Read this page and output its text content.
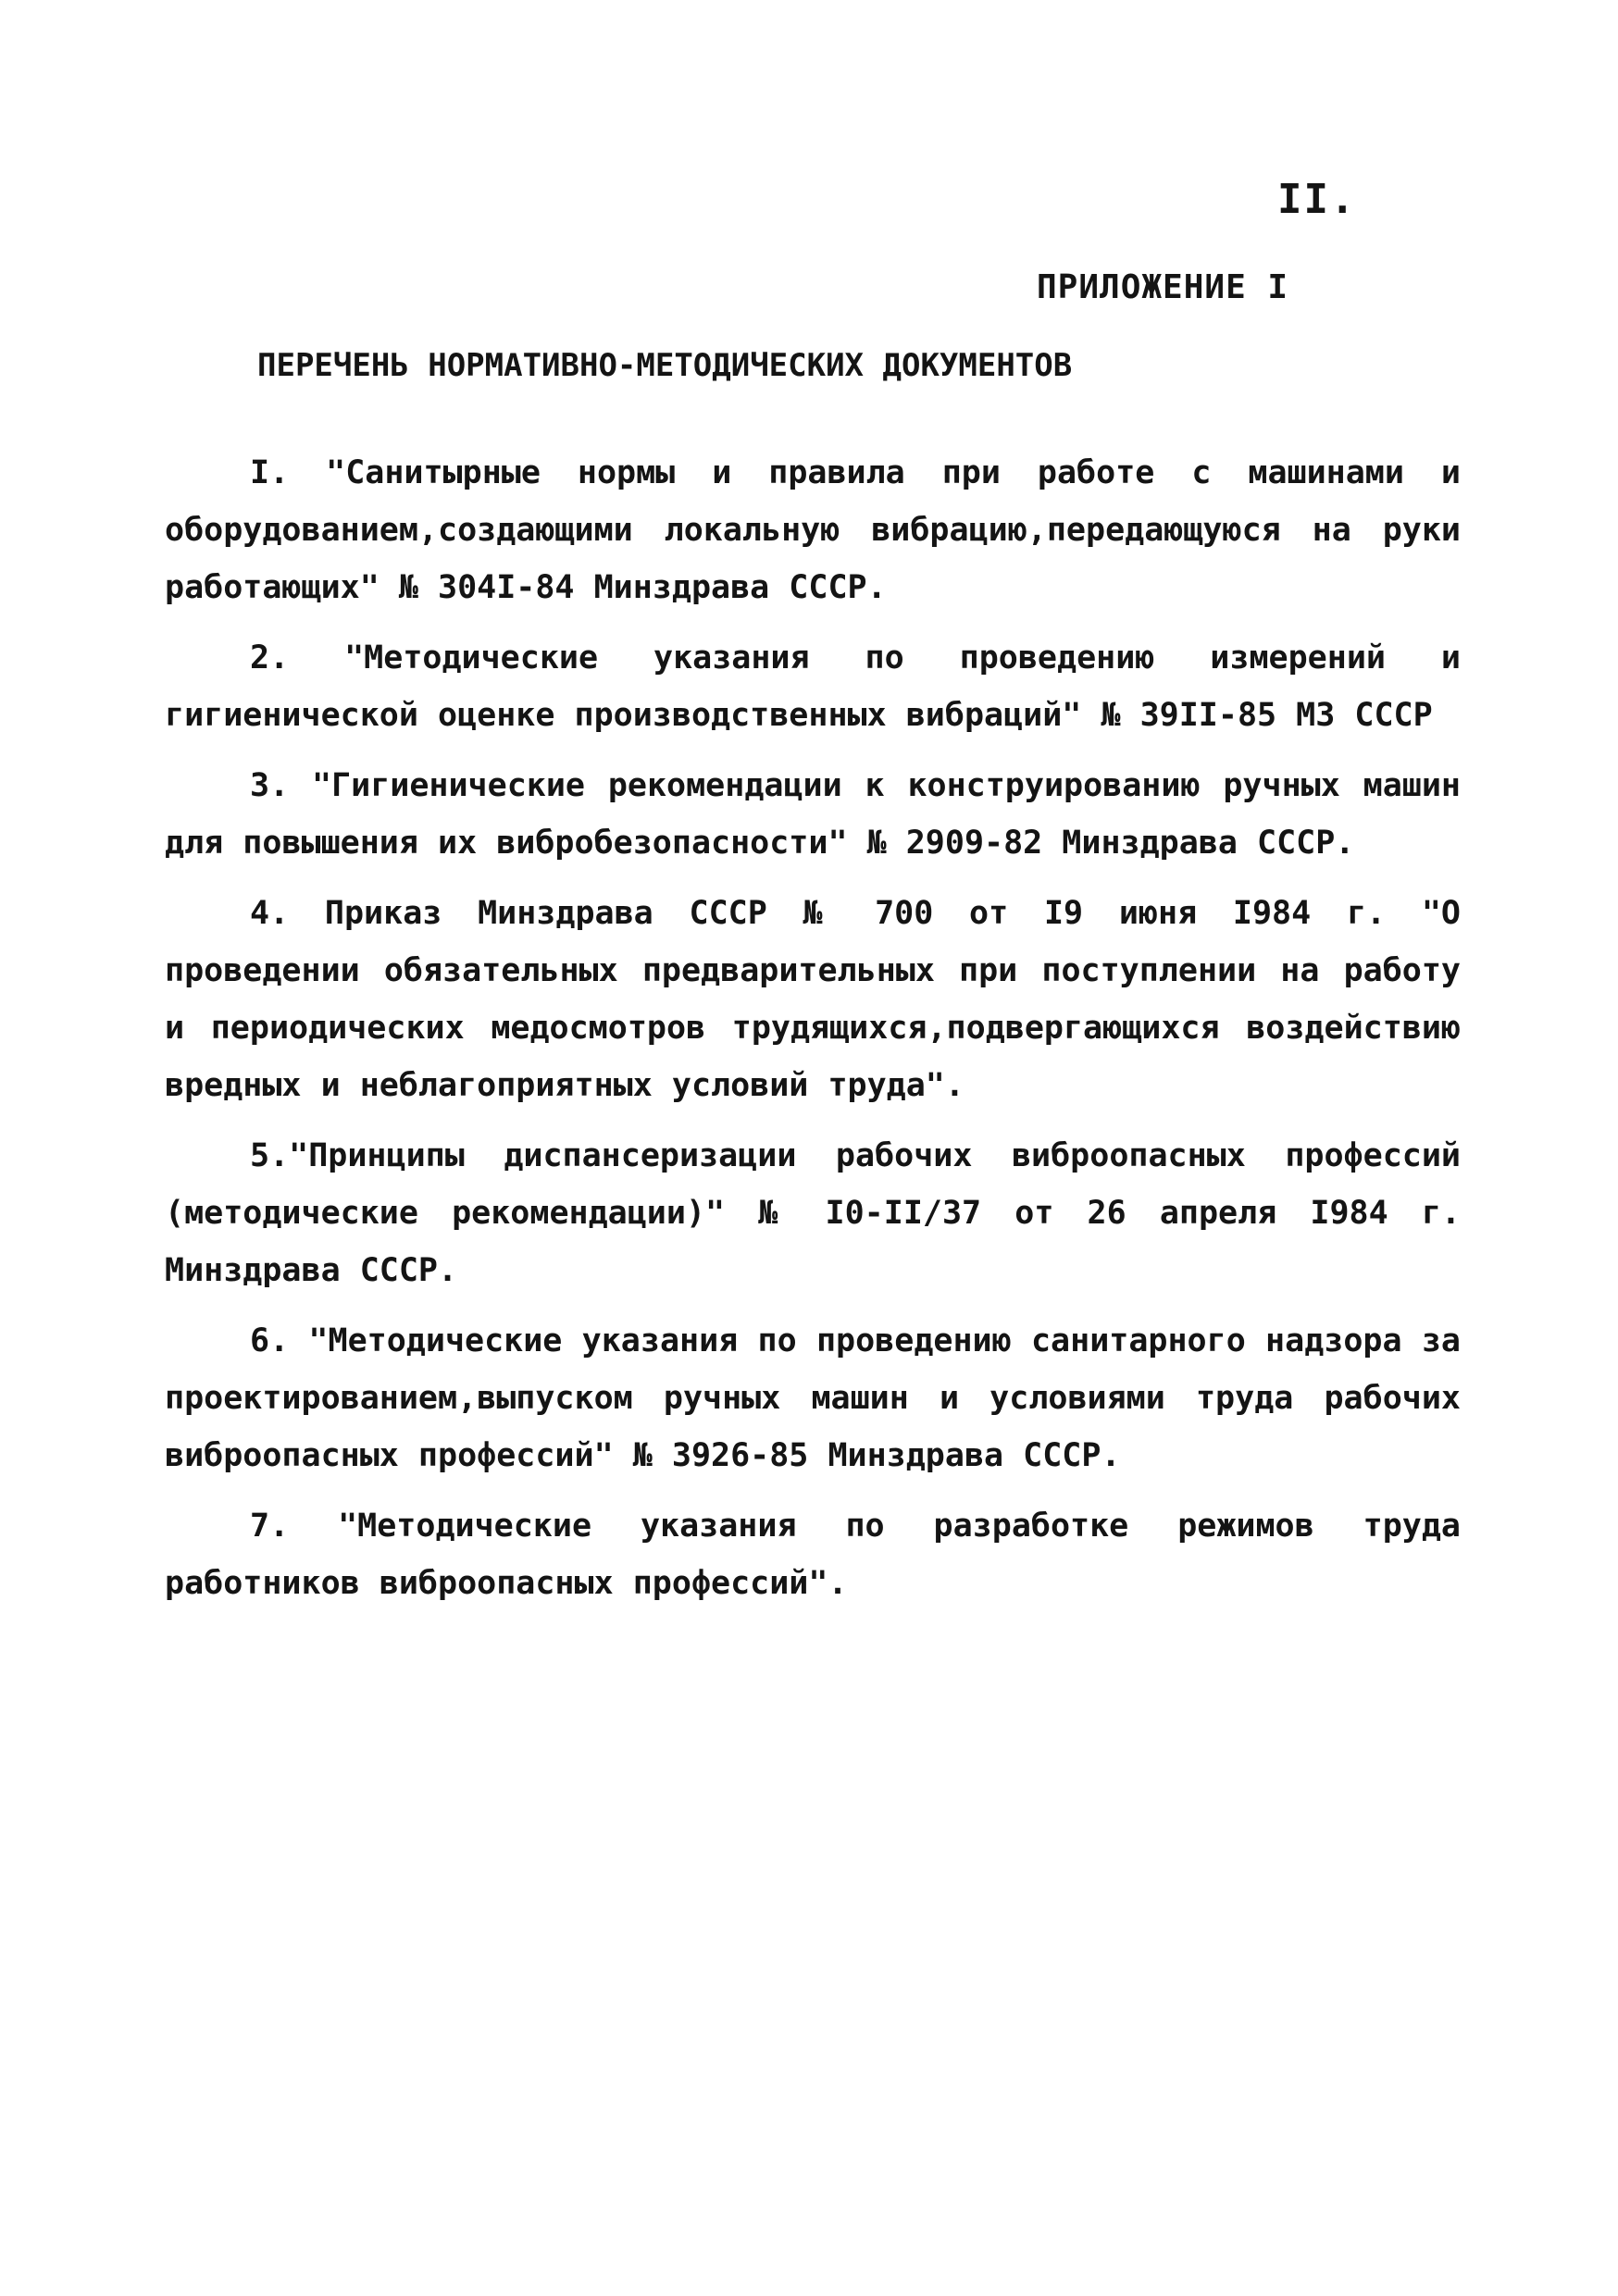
II.
ПРИЛОЖЕНИЕ I
ПЕРЕЧЕНЬ НОРМАТИВНО-МЕТОДИЧЕСКИХ ДОКУМЕНТОВ

I. "Санитырные нормы и правила при работе с машинами и оборудованием,создающими локальную вибрацию,передающуюся на руки работающих" № 304I-84 Минздрава СССР.

2. "Методические указания по проведению измерений и гигиенической оценке производственных вибраций" № 39II-85 МЗ СССР

3. "Гигиенические рекомендации к конструированию ручных машин для повышения их вибробезопасности" № 2909-82 Минздрава СССР.

4. Приказ Минздрава СССР № 700 от I9 июня I984 г. "О проведении обязательных предварительных при поступлении на работу и периодических медосмотров трудящихся,подвергающихся воздействию вредных и неблагоприятных условий труда".

5."Принципы диспансеризации рабочих виброопасных профессий (методические рекомендации)" № I0-II/37 от 26 апреля I984 г. Минздрава СССР.

6. "Методические указания по проведению санитарного надзора за проектированием,выпуском ручных машин и условиями труда рабочих виброопасных профессий" № 3926-85 Минздрава СССР.

7. "Методические указания по разработке режимов труда работников виброопасных профессий".
